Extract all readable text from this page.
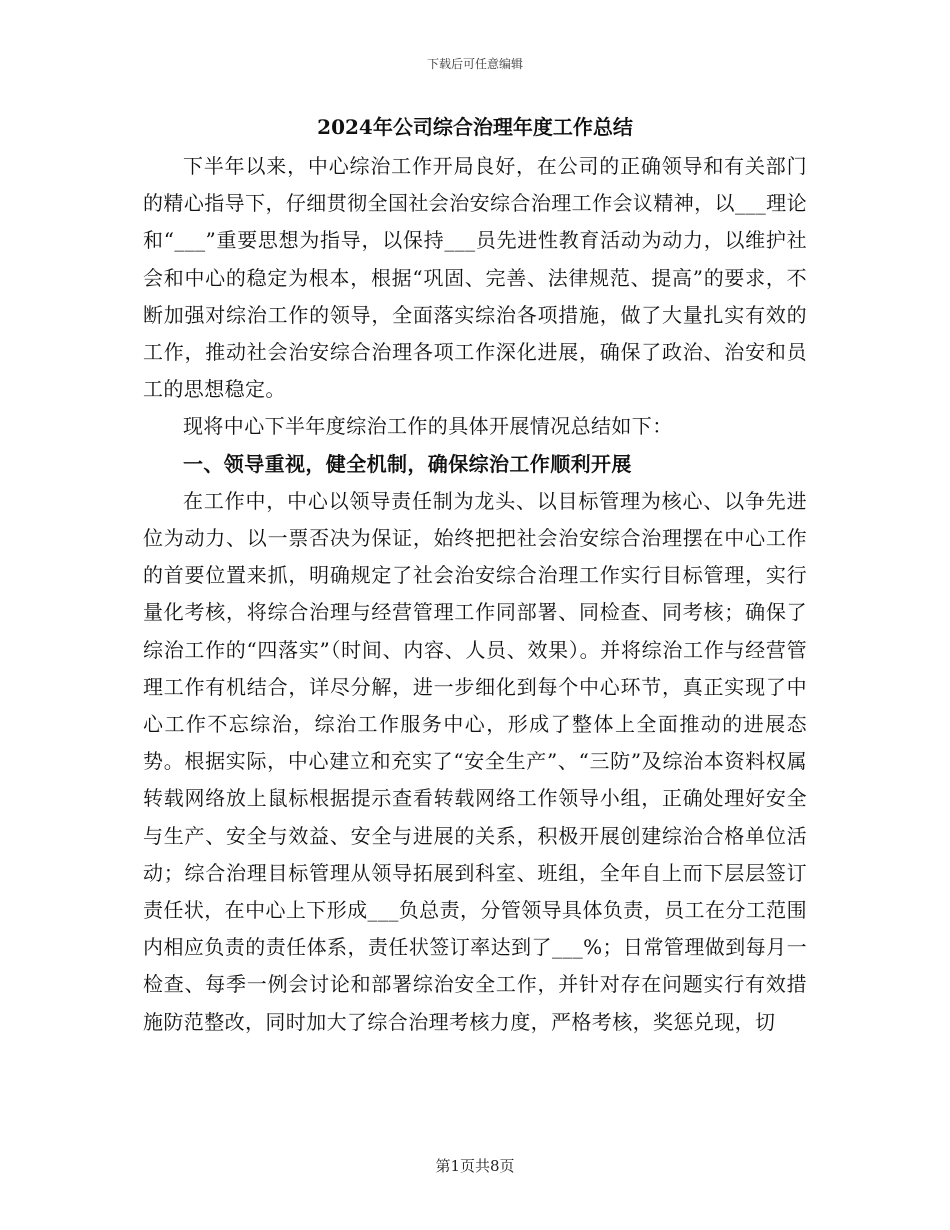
下载后可任意编辑
2024年公司综合治理年度工作总结

下半年以来，中心综治工作开局良好，在公司的正确领导和有关部门的精心指导下，仔细贯彻全国社会治安综合治理工作会议精神，以___理论和“___”重要思想为指导，以保持___员先进性教育活动为动力，以维护社会和中心的稳定为根本，根据“巩固、完善、法律规范、提高”的要求，不断加强对综治工作的领导，全面落实综治各项措施，做了大量扎实有效的工作，推动社会治安综合治理各项工作深化进展，确保了政治、治安和员工的思想稳定。

现将中心下半年度综治工作的具体开展情况总结如下：

一、领导重视，健全机制，确保综治工作顺利开展

在工作中，中心以领导责任制为龙头、以目标管理为核心、以争先进位为动力、以一票否决为保证，始终把把社会治安综合治理摆在中心工作的首要位置来抓，明确规定了社会治安综合治理工作实行目标管理，实行量化考核，将综合治理与经营管理工作同部署、同检查、同考核；确保了综治工作的“四落实”（时间、内容、人员、效果）。并将综治工作与经营管理工作有机结合，详尽分解，进一步细化到每个中心环节，真正实现了中心工作不忘综治，综治工作服务中心，形成了整体上全面推动的进展态势。根据实际，中心建立和充实了“安全生产”、“三防”及综治本资料权属转载网络放上鼠标根据提示查看转载网络工作领导小组，正确处理好安全与生产、安全与效益、安全与进展的关系，积极开展创建综治合格单位活动；综合治理目标管理从领导拓展到科室、班组，全年自上而下层层签订责任状，在中心上下形成___负总责，分管领导具体负责，员工在分工范围内相应负责的责任体系，责任状签订率达到了___%；日常管理做到每月一检查、每季一例会讨论和部署综治安全工作，并针对存在问题实行有效措施防范整改，同时加大了综合治理考核力度，严格考核，奖惩兑现，切

第1页共8页
